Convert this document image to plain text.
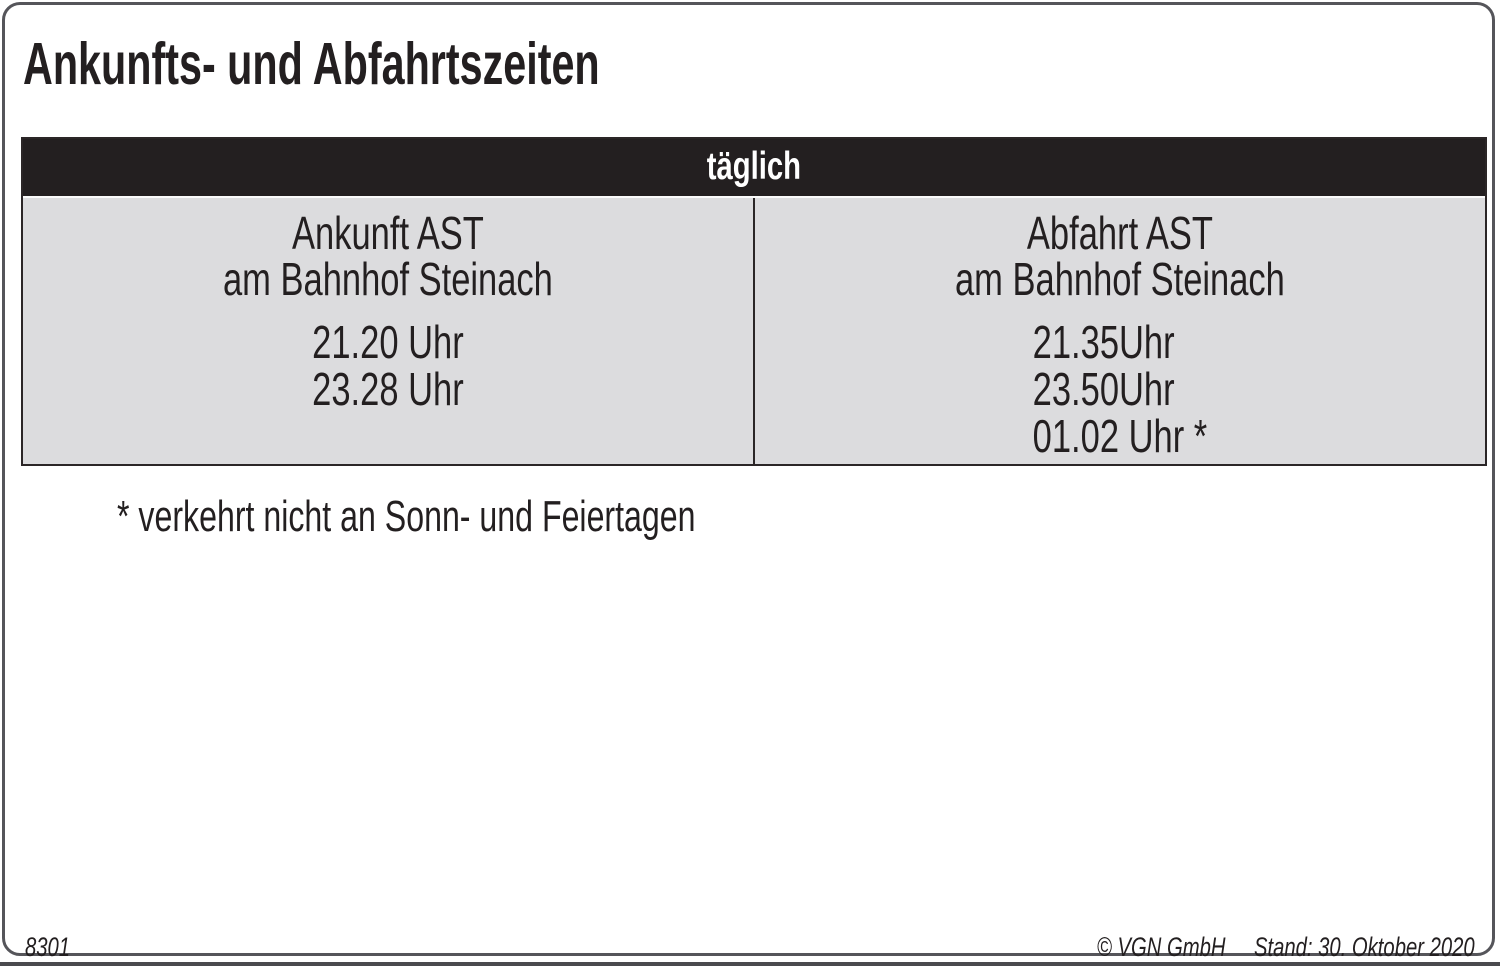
Ankunfts- und Abfahrtszeiten
täglich
Ankunft AST
am Bahnhof Steinach
21.20 Uhr
23.28 Uhr
Abfahrt AST
am Bahnhof Steinach
21.35Uhr
23.50Uhr
01.02 Uhr *
* verkehrt nicht an Sonn- und Feiertagen
8301	© VGN GmbH Stand: 30. Oktober 2020
